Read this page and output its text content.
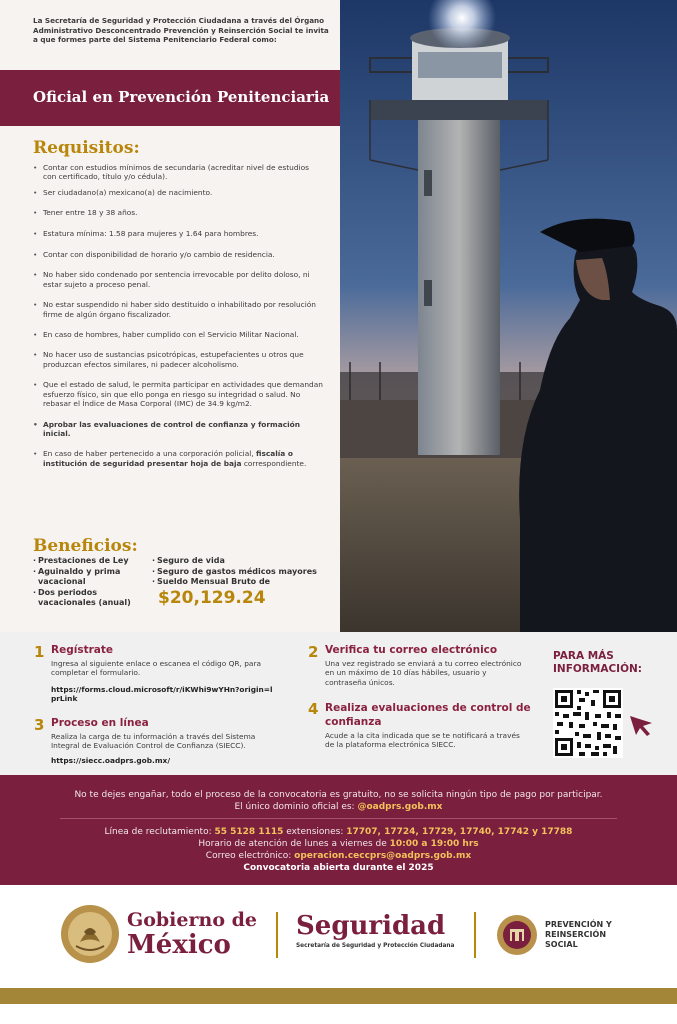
La Secretaría de Seguridad y Protección Ciudadana a través del Órgano Administrativo Desconcentrado Prevención y Reinserción Social te invita a que formes parte del Sistema Penitenciario Federal como:
Oficial en Prevención Penitenciaria
Requisitos:
• Contar con estudios mínimos de secundaria (acreditar nivel de estudios con certificado, título y/o cédula).
• Ser ciudadano(a) mexicano(a) de nacimiento.
• Tener entre 18 y 38 años.
• Estatura mínima: 1.58 para mujeres y 1.64 para hombres.
• Contar con disponibilidad de horario y/o cambio de residencia.
• No haber sido condenado por sentencia irrevocable por delito doloso, ni estar sujeto a proceso penal.
• No estar suspendido ni haber sido destituido o inhabilitado por resolución firme de algún órgano fiscalizador.
• En caso de hombres, haber cumplido con el Servicio Militar Nacional.
• No hacer uso de sustancias psicotrópicas, estupefacientes u otros que produzcan efectos similares, ni padecer alcoholismo.
• Que el estado de salud, le permita participar en actividades que demandan esfuerzo físico, sin que ello ponga en riesgo su integridad o salud. No rebasar el Índice de Masa Corporal (IMC) de 34.9 kg/m2.
• Aprobar las evaluaciones de control de confianza y formación inicial.
• En caso de haber pertenecido a una corporación policial, fiscalía o institución de seguridad presentar hoja de baja correspondiente.
Beneficios:
· Prestaciones de Ley
· Aguinaldo y prima vacacional
· Dos periodos vacacionales (anual)
· Seguro de vida
· Seguro de gastos médicos mayores
· Sueldo Mensual Bruto de
$20,129.24
1 Regístrate
Ingresa al siguiente enlace o escanea el código QR, para completar el formulario.
https://forms.cloud.microsoft/r/iKWhi9wYHn?origin=lprLink
2 Verifica tu correo electrónico
Una vez registrado se enviará a tu correo electrónico en un máximo de 10 días hábiles, usuario y contraseña únicos.
3 Proceso en línea
Realiza la carga de tu información a través del Sistema Integral de Evaluación Control de Confianza (SIECC).
https://siecc.oadprs.gob.mx/
4 Realiza evaluaciones de control de confianza
Acude a la cita indicada que se te notificará a través de la plataforma electrónica SIECC.
PARA MÁS INFORMACIÓN:
No te dejes engañar, todo el proceso de la convocatoria es gratuito, no se solicita ningún tipo de pago por participar.
El único dominio oficial es: @oadprs.gob.mx
Línea de reclutamiento: 55 5128 1115 extensiones: 17707, 17724, 17729, 17740, 17742 y 17788
Horario de atención de lunes a viernes de 10:00 a 19:00 hrs
Correo electrónico: operacion.ceccprs@oadprs.gob.mx
Convocatoria abierta durante el 2025
Gobierno de
México
Seguridad
Secretaría de Seguridad y Protección Ciudadana
PREVENCIÓN Y REINSERCIÓN SOCIAL
